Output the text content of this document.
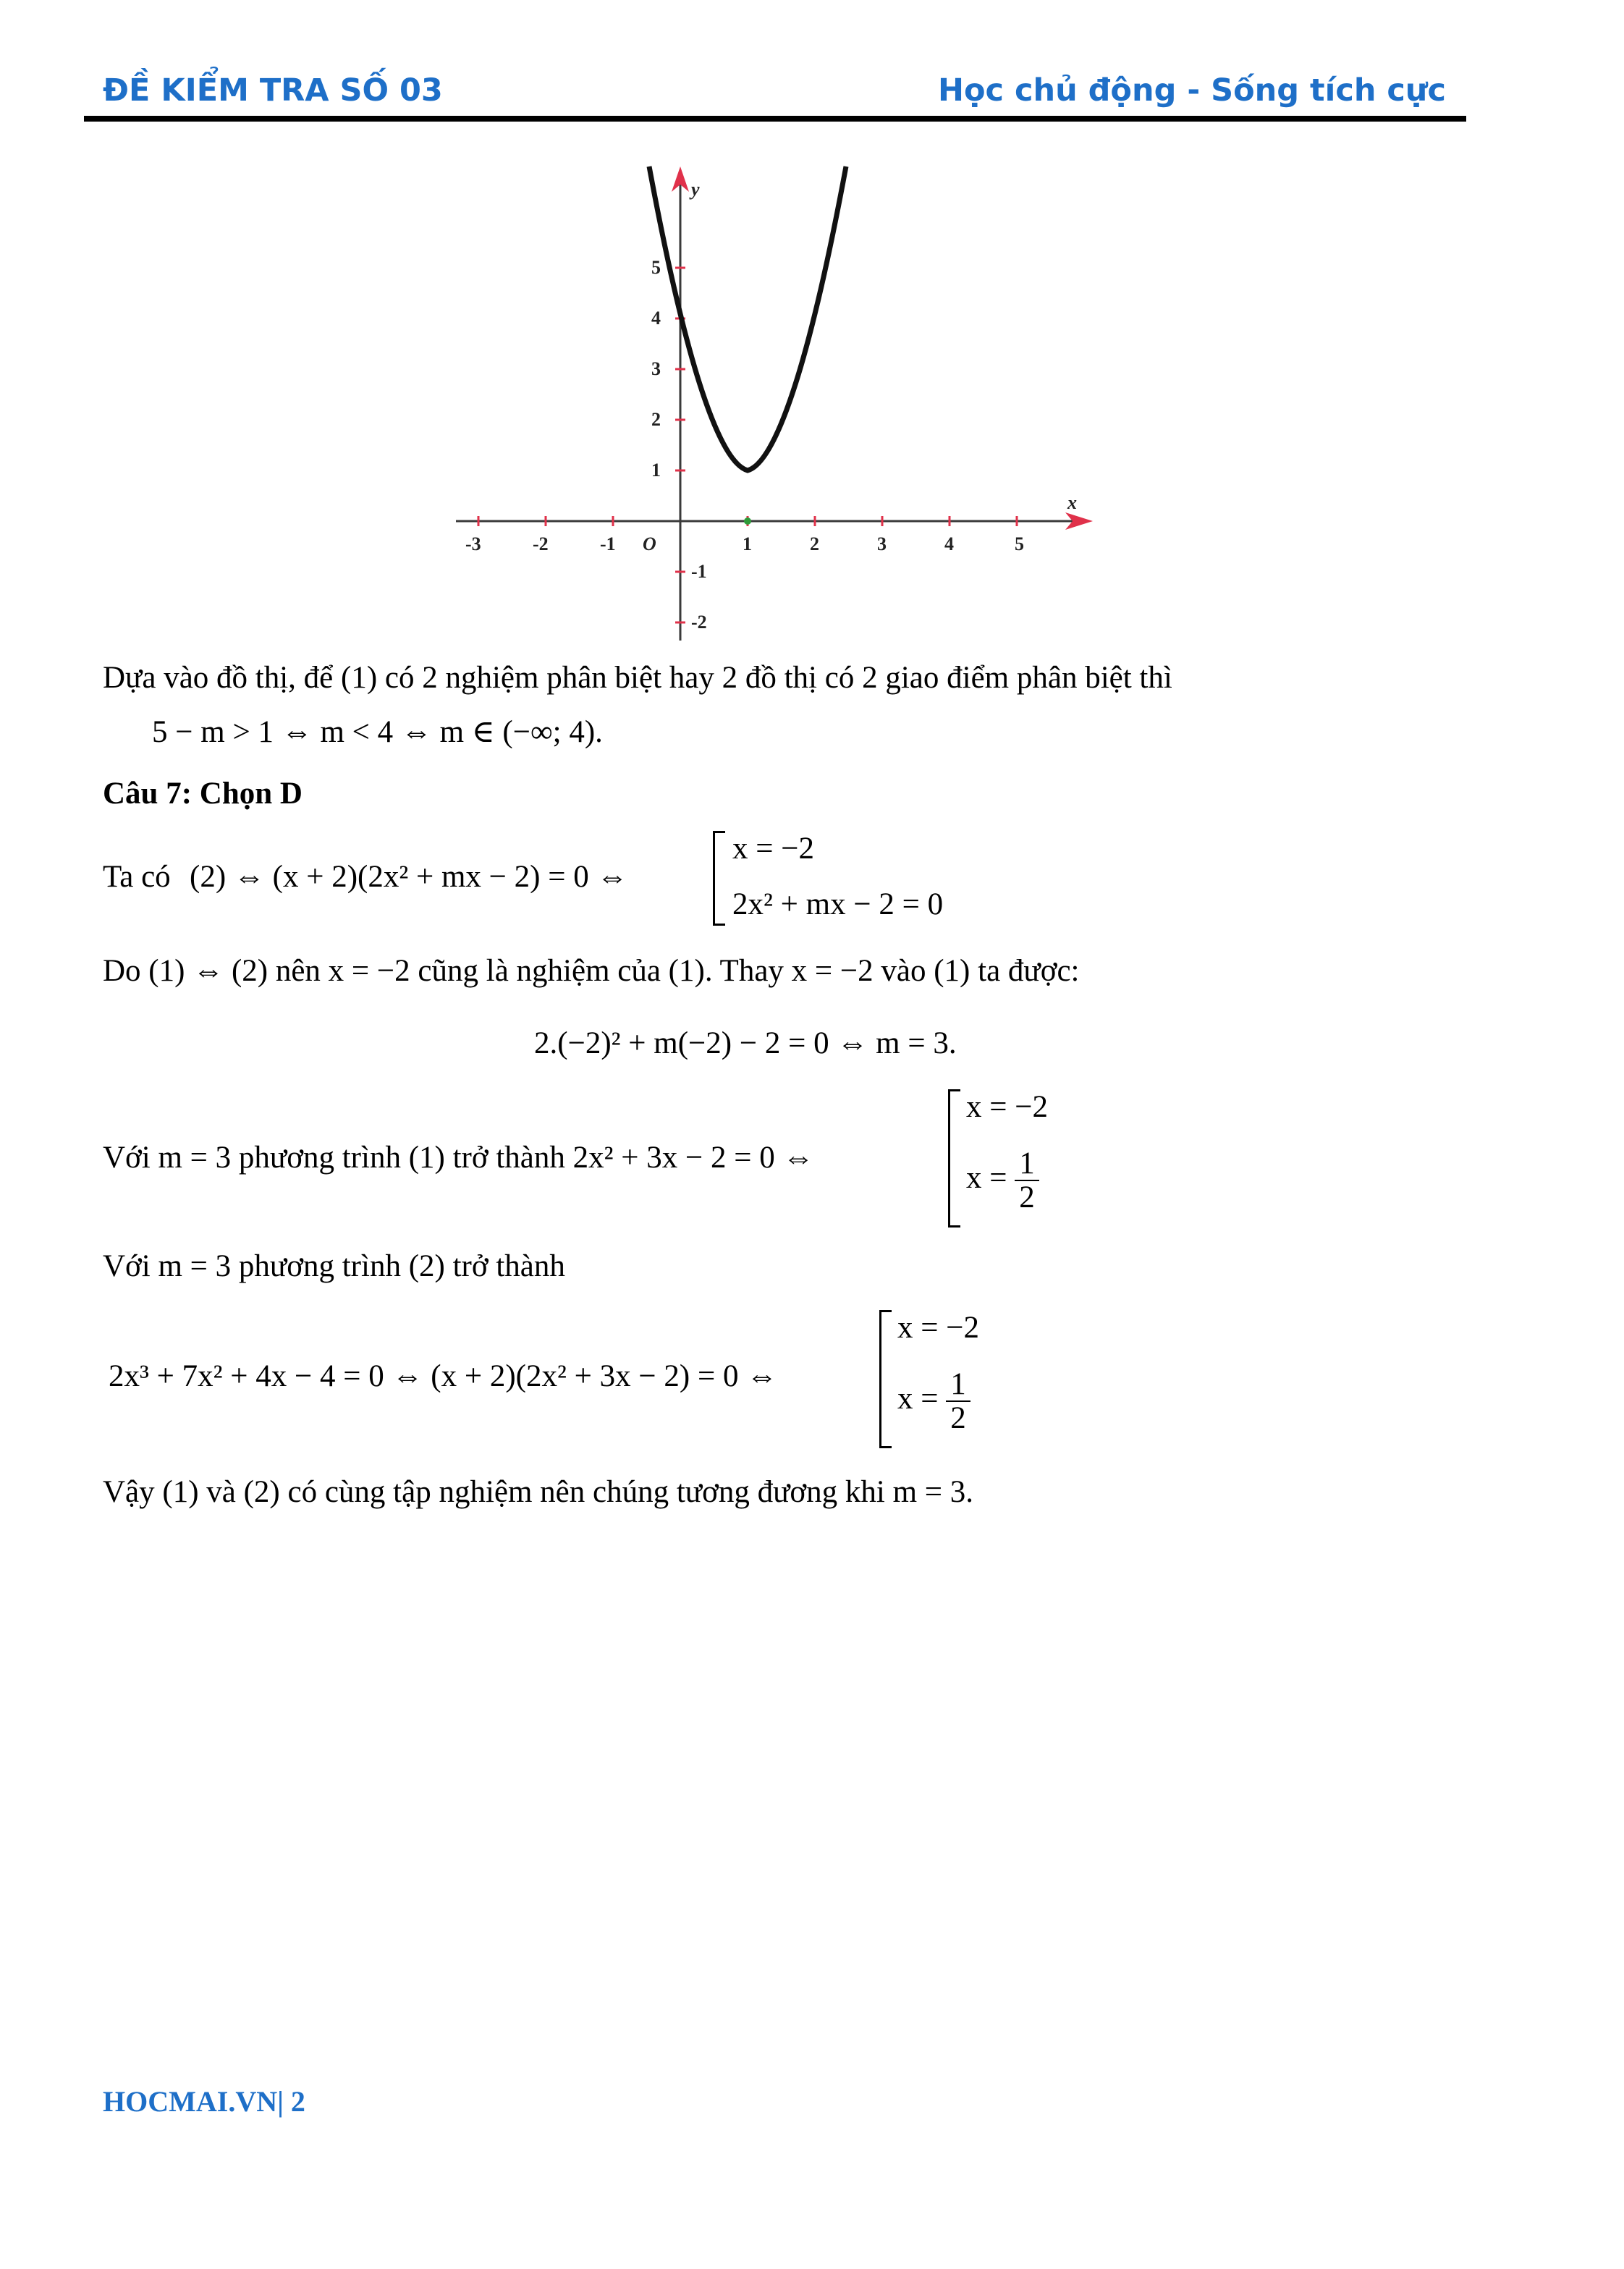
ĐỀ KIỂM TRA SỐ 03	Học chủ động - Sống tích cực
-3	-2	-1	1	2	3	4	5
5
4
3
2
1
-1
-2
O
x
y
Dựa vào đồ thị, để (1) có 2 nghiệm phân biệt hay 2 đồ thị có 2 giao điểm phân biệt thì
5 − m > 1 ⇔ m < 4 ⇔ m ∈ (−∞; 4).
Câu 7: Chọn D
Ta có (2) ⇔ (x + 2)(2x² + mx − 2) = 0 ⇔
x = −2
2x² + mx − 2 = 0
Do (1) ⇔ (2) nên x = −2 cũng là nghiệm của (1). Thay x = −2 vào (1) ta được:
2.(−2)² + m(−2) − 2 = 0 ⇔ m = 3.
Với m = 3 phương trình (1) trở thành 2x² + 3x − 2 = 0 ⇔
x = −2
$x = \frac{1}{2}$
Với m = 3 phương trình (2) trở thành
2x³ + 7x² + 4x − 4 = 0 ⇔ (x + 2)(2x² + 3x − 2) = 0 ⇔
x = −2
$x = \frac{1}{2}$
Vậy (1) và (2) có cùng tập nghiệm nên chúng tương đương khi m = 3.
HOCMAI.VN| 2
